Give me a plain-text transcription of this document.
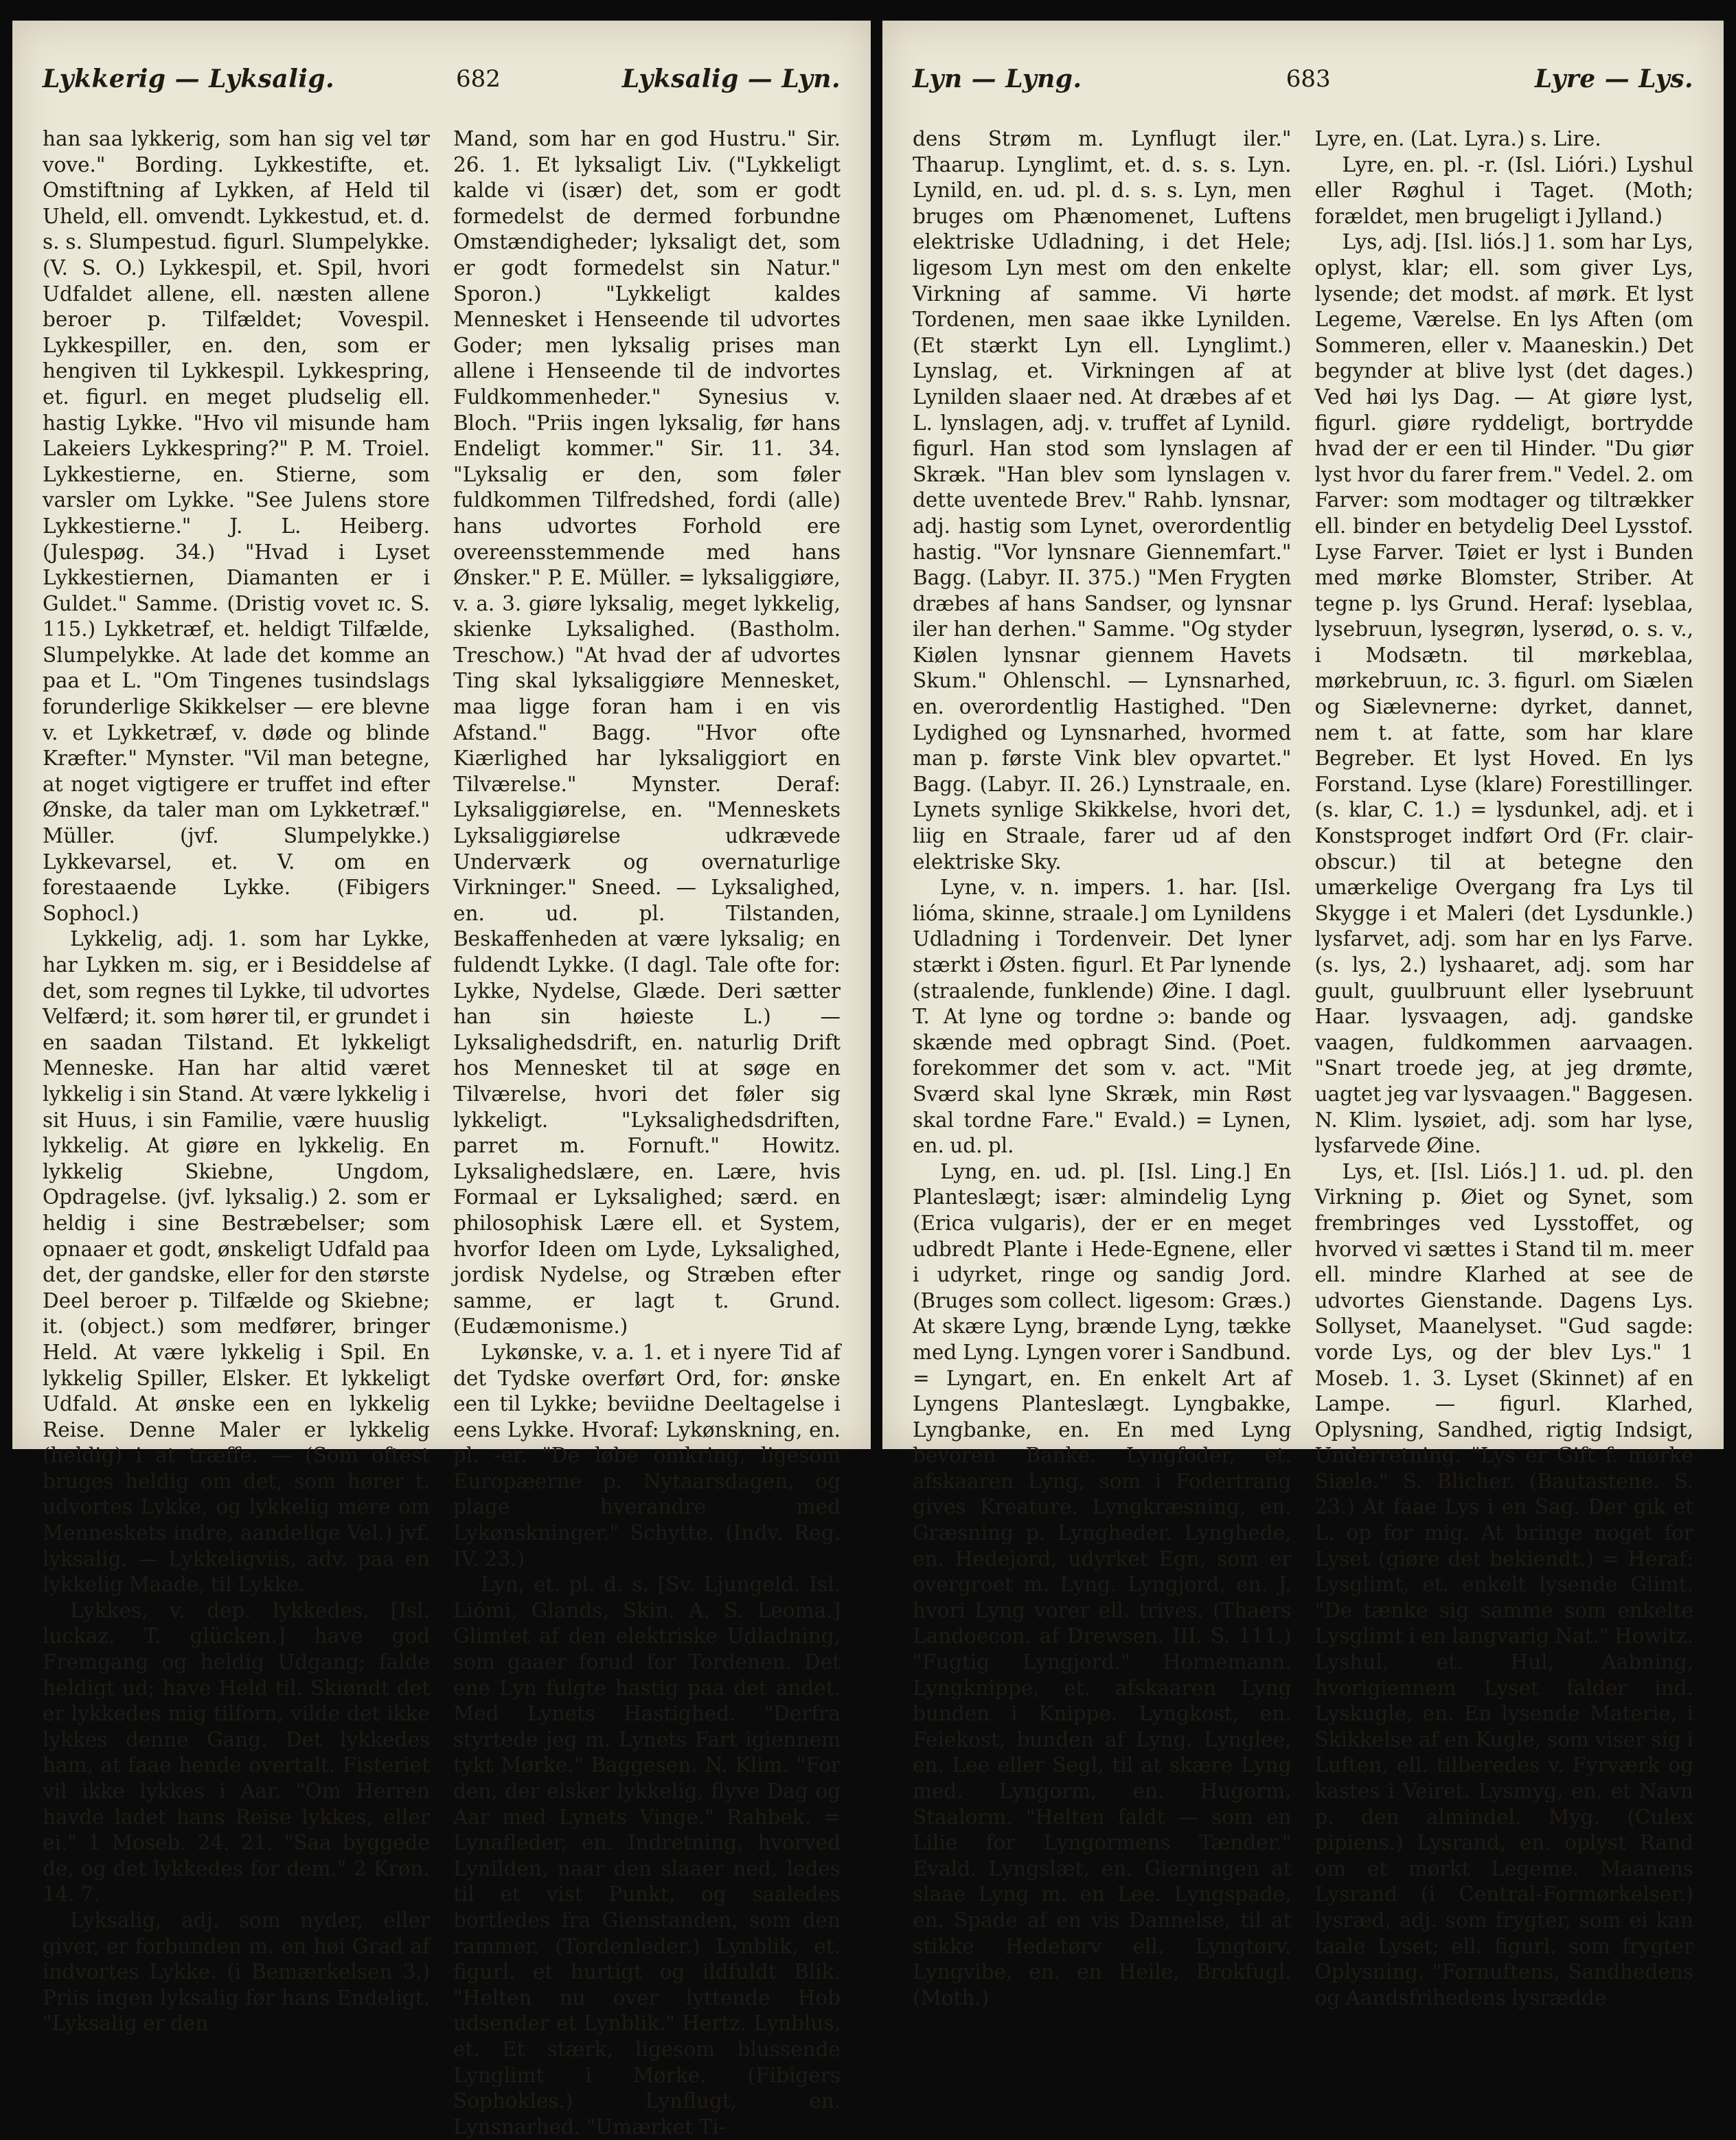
Lykkerig — Lyksalig.	682	Lyksalig — Lyn.

han saa lykkerig, som han sig vel tør vove." Bording. Lykkestifte, et. Omstiftning af Lykken, af Held til Uheld, ell. omvendt. Lykkestud, et. d. s. s. Slumpestud. figurl. Slumpelykke. (V. S. O.) Lykkespil, et. Spil, hvori Udfaldet allene, ell. næsten allene beroer p. Tilfældet; Vovespil. Lykkespiller, en. den, som er hengiven til Lykkespil. Lykkespring, et. figurl. en meget pludselig ell. hastig Lykke. "Hvo vil misunde ham Lakeiers Lykkespring?" P. M. Troiel. Lykkestierne, en. Stierne, som varsler om Lykke. "See Julens store Lykkestierne." J. L. Heiberg. (Julespøg. 34.) "Hvad i Lyset Lykkestiernen, Diamanten er i Guldet." Samme. (Dristig vovet ɪc. S. 115.) Lykketræf, et. heldigt Tilfælde, Slumpelykke. At lade det komme an paa et L. "Om Tingenes tusindslags forunderlige Skikkelser — ere blevne v. et Lykketræf, v. døde og blinde Kræfter." Mynster. "Vil man betegne, at noget vigtigere er truffet ind efter Ønske, da taler man om Lykketræf." Müller. (jvf. Slumpelykke.) Lykkevarsel, et. V. om en forestaaende Lykke. (Fibigers Sophocl.)

Lykkelig, adj. 1. som har Lykke, har Lykken m. sig, er i Besiddelse af det, som regnes til Lykke, til udvortes Velfærd; it. som hører til, er grundet i en saadan Tilstand. Et lykkeligt Menneske. Han har altid været lykkelig i sin Stand. At være lykkelig i sit Huus, i sin Familie, være huuslig lykkelig. At giøre en lykkelig. En lykkelig Skiebne, Ungdom, Opdragelse. (jvf. lyksalig.) 2. som er heldig i sine Bestræbelser; som opnaaer et godt, ønskeligt Udfald paa det, der gandske, eller for den største Deel beroer p. Tilfælde og Skiebne; it. (object.) som medfører, bringer Held. At være lykkelig i Spil. En lykkelig Spiller, Elsker. Et lykkeligt Udfald. At ønske een en lykkelig Reise. Denne Maler er lykkelig (heldig) i at træffe. — (Som oftest bruges heldig om det, som hører t. udvortes Lykke, og lykkelig mere om Menneskets indre, aandelige Vel.) jvf. lyksalig. — Lykkeligviis, adv. paa en lykkelig Maade, til Lykke.

Lykkes, v. dep. lykkedes. [Isl. luckaz. T. glücken.] have god Fremgang og heldig Udgang; falde heldigt ud; have Held til. Skiøndt det er lykkedes mig tilforn, vilde det ikke lykkes denne Gang. Det lykkedes ham, at faae hende overtalt. Fisteriet vil ikke lykkes i Aar. "Om Herren havde ladet hans Reise lykkes, eller ei." 1 Moseb. 24. 21. "Saa byggede de, og det lykkedes for dem." 2 Krøn. 14. 7.

Lyksalig, adj. som nyder, eller giver, er forbunden m. en høi Grad af indvortes Lykke. (i Bemærkelsen 3.) Priis ingen lyksalig før hans Endeligt. "Lyksalig er den

Mand, som har en god Hustru." Sir. 26. 1. Et lyksaligt Liv. ("Lykkeligt kalde vi (især) det, som er godt formedelst de dermed forbundne Omstændigheder; lyksaligt det, som er godt formedelst sin Natur." Sporon.) "Lykkeligt kaldes Mennesket i Henseende til udvortes Goder; men lyksalig prises man allene i Henseende til de indvortes Fuldkommenheder." Synesius v. Bloch. "Priis ingen lyksalig, før hans Endeligt kommer." Sir. 11. 34. "Lyksalig er den, som føler fuldkommen Tilfredshed, fordi (alle) hans udvortes Forhold ere overeensstemmende med hans Ønsker." P. E. Müller. = lyksaliggiøre, v. a. 3. giøre lyksalig, meget lykkelig, skienke Lyksalighed. (Bastholm. Treschow.) "At hvad der af udvortes Ting skal lyksaliggiøre Mennesket, maa ligge foran ham i en vis Afstand." Bagg. "Hvor ofte Kiærlighed har lyksaliggiort en Tilværelse." Mynster. Deraf: Lyksaliggiørelse, en. "Menneskets Lyksaliggiørelse udkrævede Underværk og overnaturlige Virkninger." Sneed. — Lyksalighed, en. ud. pl. Tilstanden, Beskaffenheden at være lyksalig; en fuldendt Lykke. (I dagl. Tale ofte for: Lykke, Nydelse, Glæde. Deri sætter han sin høieste L.) — Lyksalighedsdrift, en. naturlig Drift hos Mennesket til at søge en Tilværelse, hvori det føler sig lykkeligt. "Lyksalighedsdriften, parret m. Fornuft." Howitz. Lyksalighedslære, en. Lære, hvis Formaal er Lyksalighed; særd. en philosophisk Lære ell. et System, hvorfor Ideen om Lyde, Lyksalighed, jordisk Nydelse, og Stræben efter samme, er lagt t. Grund. (Eudæmonisme.)

Lykønske, v. a. 1. et i nyere Tid af det Tydske overført Ord, for: ønske een til Lykke; beviidne Deeltagelse i eens Lykke. Hvoraf: Lykønskning, en. pl. -er. "De løbe omkring, ligesom Europæerne p. Nytaarsdagen, og plage hverandre med Lykønskninger." Schytte. (Indv. Reg. IV. 23.)

Lyn, et. pl. d. s. [Sv. Ljungeld. Isl. Liómi, Glands, Skin. A. S. Leoma.] Glimtet af den elektriske Udladning, som gaaer forud for Tordenen. Det ene Lyn fulgte hastig paa det andet. Med Lynets Hastighed. "Derfra styrtede jeg m. Lynets Fart igiennem tykt Mørke." Baggesen. N. Klim. "For den, der elsker lykkelig, flyve Dag og Aar med Lynets Vinge." Rahbek. = Lynafleder, en. Indretning, hvorved Lynilden, naar den slaaer ned, ledes til et vist Punkt, og saaledes bortledes fra Gienstanden, som den rammer. (Tordenleder.) Lynblik, et. figurl. et hurtigt og ildfuldt Blik. "Helten nu over lyttende Hob udsender et Lynblik." Hertz. Lynblus, et. Et stærk, ligesom blussende Lynglimt i Mørke. (Fibigers Sophokles.) Lynflugt, en. Lynsnarhed. "Umærket Ti-

Lyn — Lyng.	683	Lyre — Lys.

dens Strøm m. Lynflugt iler." Thaarup. Lynglimt, et. d. s. s. Lyn. Lynild, en. ud. pl. d. s. s. Lyn, men bruges om Phænomenet, Luftens elektriske Udladning, i det Hele; ligesom Lyn mest om den enkelte Virkning af samme. Vi hørte Tordenen, men saae ikke Lynilden. (Et stærkt Lyn ell. Lynglimt.) Lynslag, et. Virkningen af at Lynilden slaaer ned. At dræbes af et L. lynslagen, adj. v. truffet af Lynild. figurl. Han stod som lynslagen af Skræk. "Han blev som lynslagen v. dette uventede Brev." Rahb. lynsnar, adj. hastig som Lynet, overordentlig hastig. "Vor lynsnare Giennemfart." Bagg. (Labyr. II. 375.) "Men Frygten dræbes af hans Sandser, og lynsnar iler han derhen." Samme. "Og styder Kiølen lynsnar giennem Havets Skum." Ohlenschl. — Lynsnarhed, en. overordentlig Hastighed. "Den Lydighed og Lynsnarhed, hvormed man p. første Vink blev opvartet." Bagg. (Labyr. II. 26.) Lynstraale, en. Lynets synlige Skikkelse, hvori det, liig en Straale, farer ud af den elektriske Sky.

Lyne, v. n. impers. 1. har. [Isl. lióma, skinne, straale.] om Lynildens Udladning i Tordenveir. Det lyner stærkt i Østen. figurl. Et Par lynende (straalende, funklende) Øine. I dagl. T. At lyne og tordne ɔ: bande og skænde med opbragt Sind. (Poet. forekommer det som v. act. "Mit Sværd skal lyne Skræk, min Røst skal tordne Fare." Evald.) = Lynen, en. ud. pl.

Lyng, en. ud. pl. [Isl. Ling.] En Planteslægt; især: almindelig Lyng (Erica vulgaris), der er en meget udbredt Plante i Hede-Egnene, eller i udyrket, ringe og sandig Jord. (Bruges som collect. ligesom: Græs.) At skære Lyng, brænde Lyng, tække med Lyng. Lyngen vorer i Sandbund. = Lyngart, en. En enkelt Art af Lyngens Planteslægt. Lyngbakke, Lyngbanke, en. En med Lyng bevoren Banke. Lyngfoder, et. afskaaren Lyng, som i Fodertrang gives Kreature. Lyngkræsning, en. Græsning p. Lyngheder. Lynghede, en. Hedejord, udyrket Egn, som er overgroet m. Lyng. Lyngjord, en. J. hvori Lyng vorer ell. trives. (Thaers Landoecon. af Drewsen. III. S. 111.) "Fugtig Lyngjord." Hornemann. Lyngknippe, et. afskaaren Lyng bunden i Knippe. Lyngkost, en. Feiekost, bunden af Lyng. Lynglee, en. Lee eller Segl, til at skære Lyng med. Lyngorm, en. Hugorm, Staalorm. "Helten faldt — som en Lilie for Lyngormens Tænder." Evald. Lyngslæt, en. Gierningen at slaae Lyng m. en Lee. Lyngspade, en. Spade af en vis Dannelse, til at stikke Hedetørv ell. Lyngtørv. Lyngvibe, en. en Heile, Brokfugl. (Moth.)

Lyre, en. (Lat. Lyra.) s. Lire.

Lyre, en. pl. -r. (Isl. Lióri.) Lyshul eller Røghul i Taget. (Moth; forældet, men brugeligt i Jylland.)

Lys, adj. [Isl. liós.] 1. som har Lys, oplyst, klar; ell. som giver Lys, lysende; det modst. af mørk. Et lyst Legeme, Værelse. En lys Aften (om Sommeren, eller v. Maaneskin.) Det begynder at blive lyst (det dages.) Ved høi lys Dag. — At giøre lyst, figurl. giøre ryddeligt, bortrydde hvad der er een til Hinder. "Du giør lyst hvor du farer frem." Vedel. 2. om Farver: som modtager og tiltrækker ell. binder en betydelig Deel Lysstof. Lyse Farver. Tøiet er lyst i Bunden med mørke Blomster, Striber. At tegne p. lys Grund. Heraf: lyseblaa, lysebruun, lysegrøn, lyserød, o. s. v., i Modsætn. til mørkeblaa, mørkebruun, ɪc. 3. figurl. om Siælen og Siælevnerne: dyrket, dannet, nem t. at fatte, som har klare Begreber. Et lyst Hoved. En lys Forstand. Lyse (klare) Forestillinger. (s. klar, C. 1.) = lysdunkel, adj. et i Konstsproget indført Ord (Fr. clair-obscur.) til at betegne den umærkelige Overgang fra Lys til Skygge i et Maleri (det Lysdunkle.) lysfarvet, adj. som har en lys Farve. (s. lys, 2.) lyshaaret, adj. som har guult, guulbruunt eller lysebruunt Haar. lysvaagen, adj. gandske vaagen, fuldkommen aarvaagen. "Snart troede jeg, at jeg drømte, uagtet jeg var lysvaagen." Baggesen. N. Klim. lysøiet, adj. som har lyse, lysfarvede Øine.

Lys, et. [Isl. Liós.] 1. ud. pl. den Virkning p. Øiet og Synet, som frembringes ved Lysstoffet, og hvorved vi sættes i Stand til m. meer ell. mindre Klarhed at see de udvortes Gienstande. Dagens Lys. Sollyset, Maanelyset. "Gud sagde: vorde Lys, og der blev Lys." 1 Moseb. 1. 3. Lyset (Skinnet) af en Lampe. — figurl. Klarhed, Oplysning, Sandhed, rigtig Indsigt, Underretning. "Lys er Gift f. mørke Siæle." S. Blicher. (Bautastene. S. 23.) At faae Lys i en Sag. Der gik et L. op for mig. At bringe noget for Lyset (giøre det bekiendt.) = Heraf: Lysglimt, et. enkelt lysende Glimt. "De tænke sig samme som enkelte Lysglimt i en langvarig Nat." Howitz. Lyshul, et. Hul, Aabning, hvorigiennem Lyset falder ind. Lyskugle, en. En lysende Materie, i Skikkelse af en Kugle, som viser sig i Luften, ell. tilberedes v. Fyrværk og kastes i Veiret. Lysmyg, en. et Navn p. den almindel. Myg. (Culex pipiens.) Lysrand, en. oplyst Rand om et mørkt Legeme. Maanens Lysrand (i Central-Formørkelser.) lysræd, adj. som frygter, som ei kan taale Lyset; ell. figurl. som frygter Oplysning. "Fornuftens, Sandhedens og Aandsfrihedens lysrædde
